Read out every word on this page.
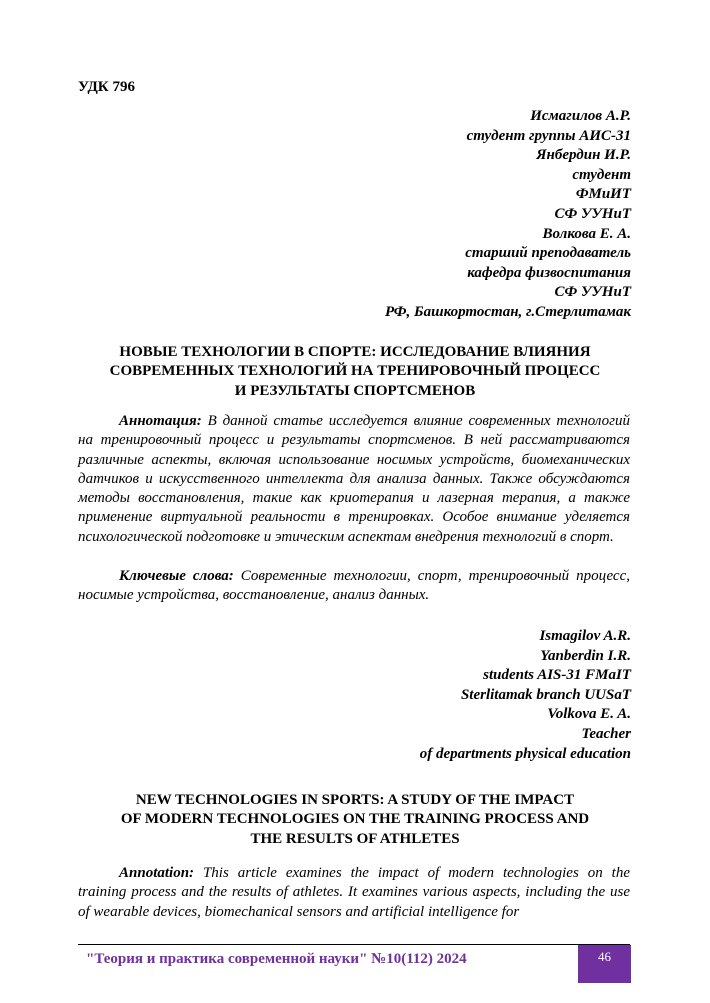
УДК 796
Исмагилов А.Р.
студент группы АИС-31
Янбердин И.Р.
студент
ФМиИТ
СФ УУНиТ
Волкова Е. А.
старший преподаватель
кафедра физвоспитания
СФ УУНиТ
РФ, Башкортостан, г.Стерлитамак
НОВЫЕ ТЕХНОЛОГИИ В СПОРТЕ: ИССЛЕДОВАНИЕ ВЛИЯНИЯ
СОВРЕМЕННЫХ ТЕХНОЛОГИЙ НА ТРЕНИРОВОЧНЫЙ ПРОЦЕСС
И РЕЗУЛЬТАТЫ СПОРТСМЕНОВ

Аннотация: В данной статье исследуется влияние современных технологий на тренировочный процесс и результаты спортсменов. В ней рассматриваются различные аспекты, включая использование носимых устройств, биомеханических датчиков и искусственного интеллекта для анализа данных. Также обсуждаются методы восстановления, такие как криотерапия и лазерная терапия, а также применение виртуальной реальности в тренировках. Особое внимание уделяется психологической подготовке и этическим аспектам внедрения технологий в спорт.

Ключевые слова: Современные технологии, спорт, тренировочный процесс, носимые устройства, восстановление, анализ данных.

Ismagilov A.R.
Yanberdin I.R.
students AIS-31 FMaIT
Sterlitamak branch UUSaT
Volkova E. A.
Teacher
of departments physical education
NEW TECHNOLOGIES IN SPORTS: A STUDY OF THE IMPACT
OF MODERN TECHNOLOGIES ON THE TRAINING PROCESS AND
THE RESULTS OF ATHLETES

Annotation: This article examines the impact of modern technologies on the training process and the results of athletes. It examines various aspects, including the use of wearable devices, biomechanical sensors and artificial intelligence for

"Теория и практика современной науки" №10(112) 2024	46
